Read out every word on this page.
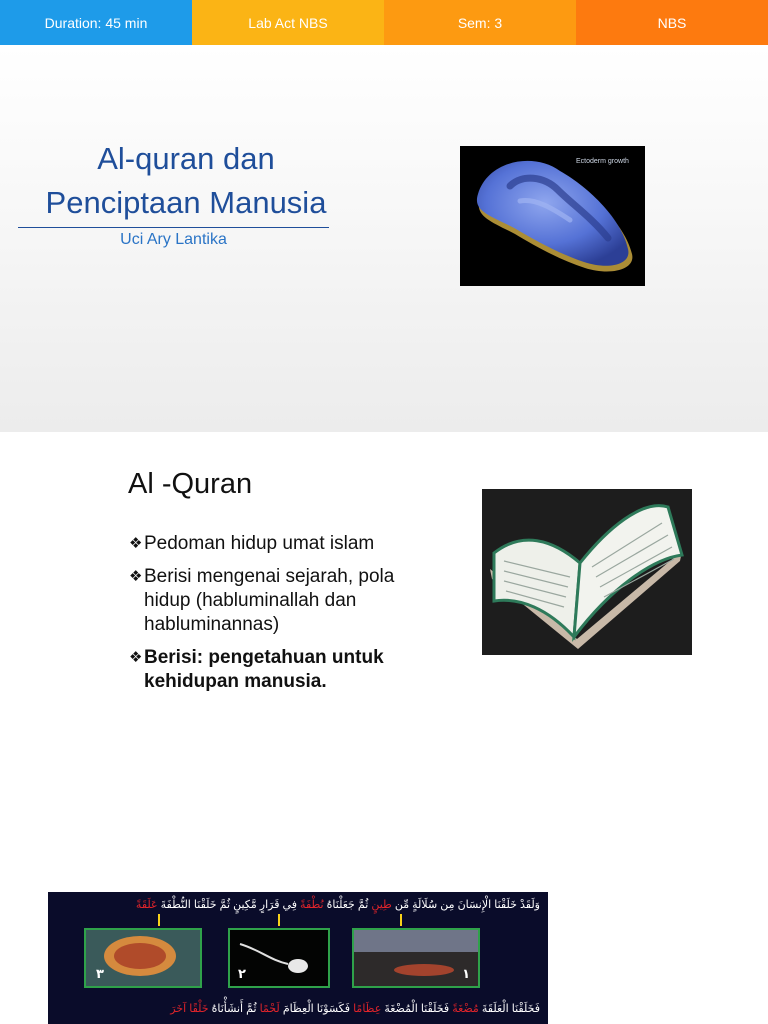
Duration: 45 min	Lab Act NBS	Sem: 3	NBS
Al-quran dan
Penciptaan Manusia
Uci Ary Lantika
Ectoderm growth
Al -Quran
❖ Pedoman hidup umat islam
❖ Berisi mengenai sejarah, pola hidup (habluminallah dan habluminannas)
❖ Berisi: pengetahuan untuk kehidupan manusia.
وَلَقَدْ خَلَقْنَا الْإِنسَانَ مِن سُلَالَةٍ مِّن طِينٍ ثُمَّ جَعَلْنَاهُ نُطْفَةً فِي قَرَارٍ مَّكِينٍ ثُمَّ خَلَقْنَا النُّطْفَةَ عَلَقَةً
٣	٢	١
فَخَلَقْنَا الْعَلَقَةَ مُضْغَةً فَخَلَقْنَا الْمُضْغَةَ عِظَامًا فَكَسَوْنَا الْعِظَامَ لَحْمًا ثُمَّ أَنشَأْنَاهُ خَلْقًا آخَرَ
